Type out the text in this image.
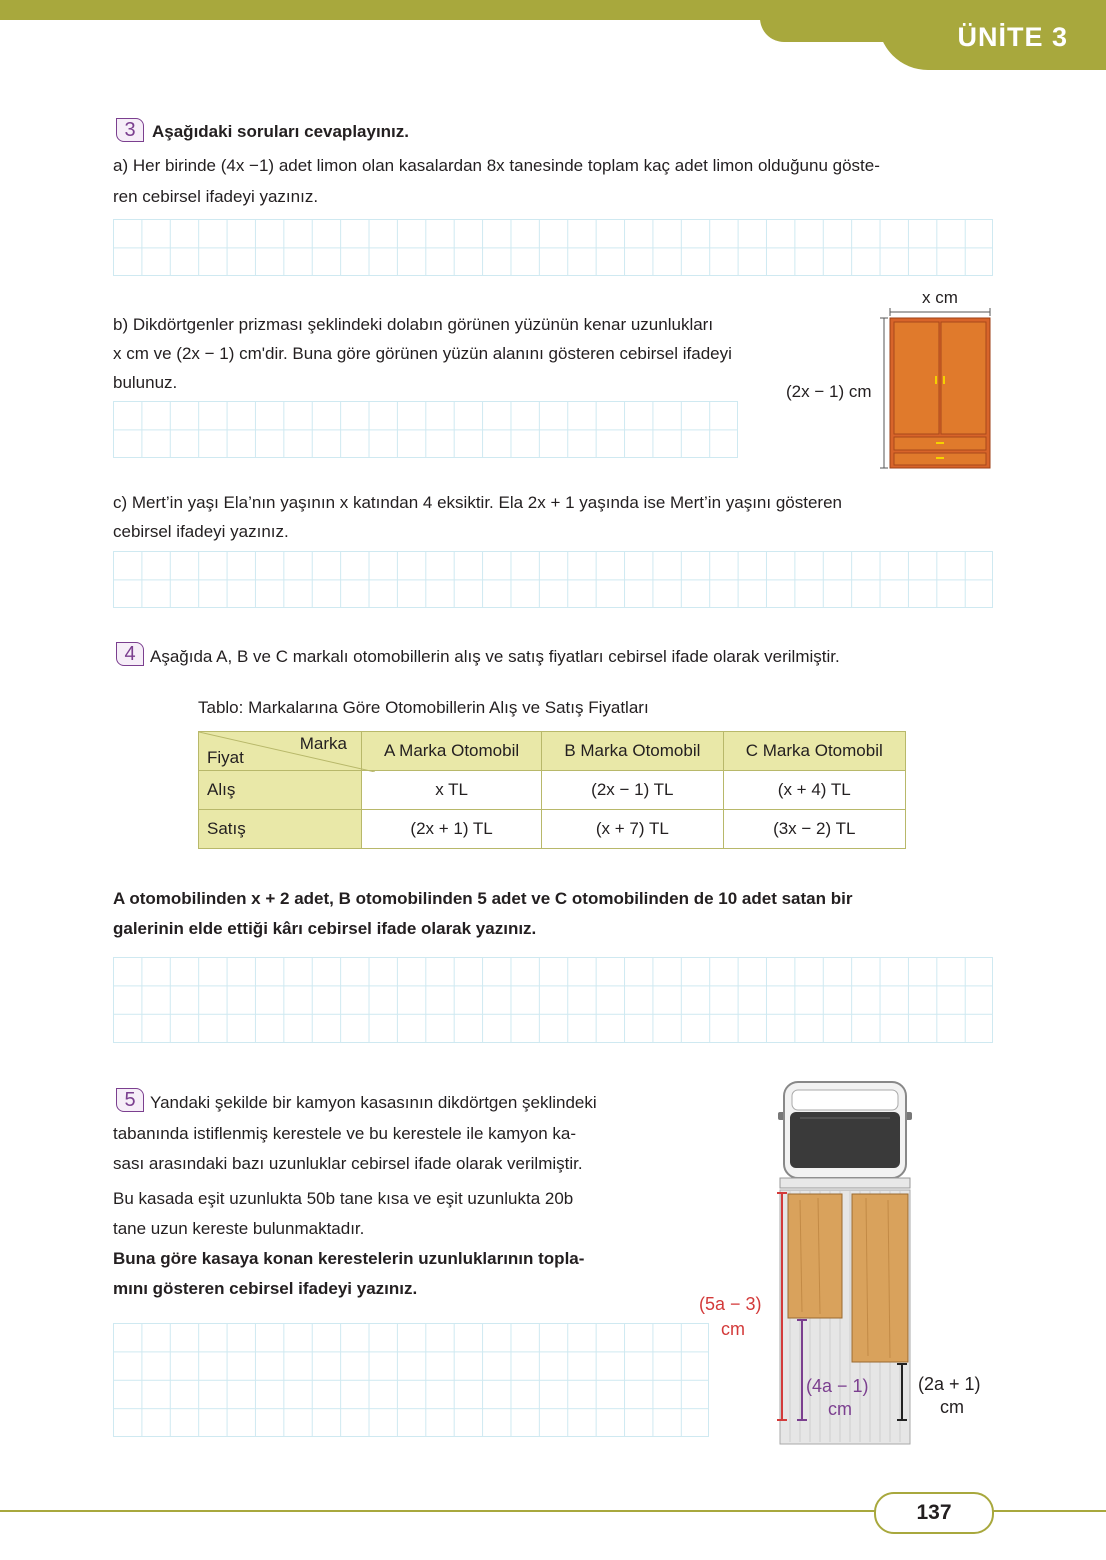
ÜNİTE 3
3 Aşağıdaki soruları cevaplayınız.
a) Her birinde (4x −1) adet limon olan kasalardan 8x tanesinde toplam kaç adet limon olduğunu göste-
ren cebirsel ifadeyi yazınız.
b) Dikdörtgenler prizması şeklindeki dolabın görünen yüzünün kenar uzunlukları
x cm ve (2x − 1) cm'dir. Buna göre görünen yüzün alanını gösteren cebirsel ifadeyi
bulunuz.
x cm
(2x − 1) cm
c) Mert’in yaşı Ela’nın yaşının x katından 4 eksiktir. Ela 2x + 1 yaşında ise Mert’in yaşını gösteren
cebirsel ifadeyi yazınız.
4 Aşağıda A, B ve C markalı otomobillerin alış ve satış fiyatları cebirsel ifade olarak verilmiştir.
Tablo: Markalarına Göre Otomobillerin Alış ve Satış Fiyatları
Marka
Fiyat	A Marka Otomobil	B Marka Otomobil	C Marka Otomobil
Alış	x TL	(2x − 1) TL	(x + 4) TL
Satış	(2x + 1) TL	(x + 7) TL	(3x − 2) TL
A otomobilinden x + 2 adet, B otomobilinden 5 adet ve C otomobilinden de 10 adet satan bir
galerinin elde ettiği kârı cebirsel ifade olarak yazınız.
5 Yandaki şekilde bir kamyon kasasının dikdörtgen şeklindeki
tabanında istiflenmiş kerestele ve bu kerestele ile kamyon ka-
sası arasındaki bazı uzunluklar cebirsel ifade olarak verilmiştir.
Bu kasada eşit uzunlukta 50b tane kısa ve eşit uzunlukta 20b
tane uzun kereste bulunmaktadır.
Buna göre kasaya konan kerestelerin uzunluklarının topla-
mını gösteren cebirsel ifadeyi yazınız.
(5a − 3)
cm
(4a − 1)
cm
(2a + 1)
cm
137
